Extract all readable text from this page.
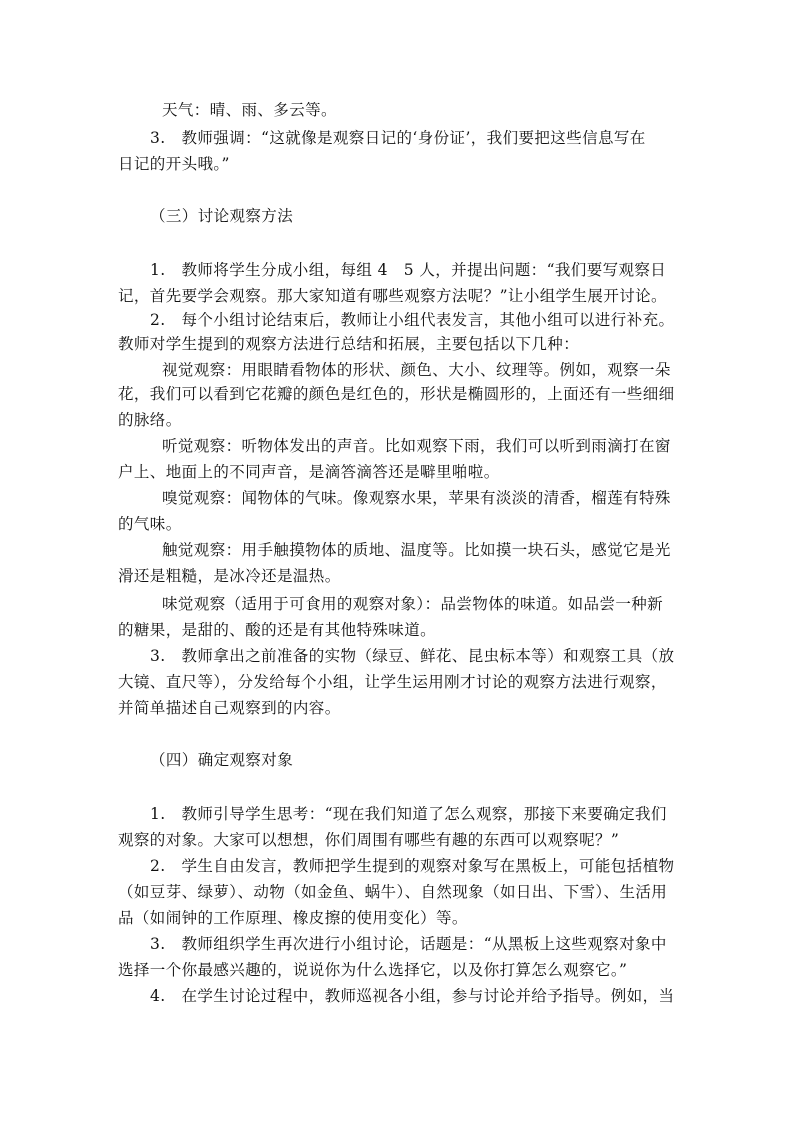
天气：晴、雨、多云等。
3.　教师强调：“这就像是观察日记的‘身份证’，我们要把这些信息写在
日记的开头哦。”
（三）讨论观察方法
1.　教师将学生分成小组，每组 4　5 人，并提出问题：“我们要写观察日
记，首先要学会观察。那大家知道有哪些观察方法呢？”让小组学生展开讨论。
2.　每个小组讨论结束后，教师让小组代表发言，其他小组可以进行补充。
教师对学生提到的观察方法进行总结和拓展，主要包括以下几种：
视觉观察：用眼睛看物体的形状、颜色、大小、纹理等。例如，观察一朵
花，我们可以看到它花瓣的颜色是红色的，形状是椭圆形的，上面还有一些细细
的脉络。
听觉观察：听物体发出的声音。比如观察下雨，我们可以听到雨滴打在窗
户上、地面上的不同声音，是滴答滴答还是噼里啪啦。
嗅觉观察：闻物体的气味。像观察水果，苹果有淡淡的清香，榴莲有特殊
的气味。
触觉观察：用手触摸物体的质地、温度等。比如摸一块石头，感觉它是光
滑还是粗糙，是冰冷还是温热。
味觉观察（适用于可食用的观察对象）：品尝物体的味道。如品尝一种新
的糖果，是甜的、酸的还是有其他特殊味道。
3.　教师拿出之前准备的实物（绿豆、鲜花、昆虫标本等）和观察工具（放
大镜、直尺等），分发给每个小组，让学生运用刚才讨论的观察方法进行观察，
并简单描述自己观察到的内容。
（四）确定观察对象
1.　教师引导学生思考：“现在我们知道了怎么观察，那接下来要确定我们
观察的对象。大家可以想想，你们周围有哪些有趣的东西可以观察呢？”
2.　学生自由发言，教师把学生提到的观察对象写在黑板上，可能包括植物
（如豆芽、绿萝）、动物（如金鱼、蜗牛）、自然现象（如日出、下雪）、生活用
品（如闹钟的工作原理、橡皮擦的使用变化）等。
3.　教师组织学生再次进行小组讨论，话题是：“从黑板上这些观察对象中
选择一个你最感兴趣的，说说你为什么选择它，以及你打算怎么观察它。”
4.　在学生讨论过程中，教师巡视各小组，参与讨论并给予指导。例如，当
